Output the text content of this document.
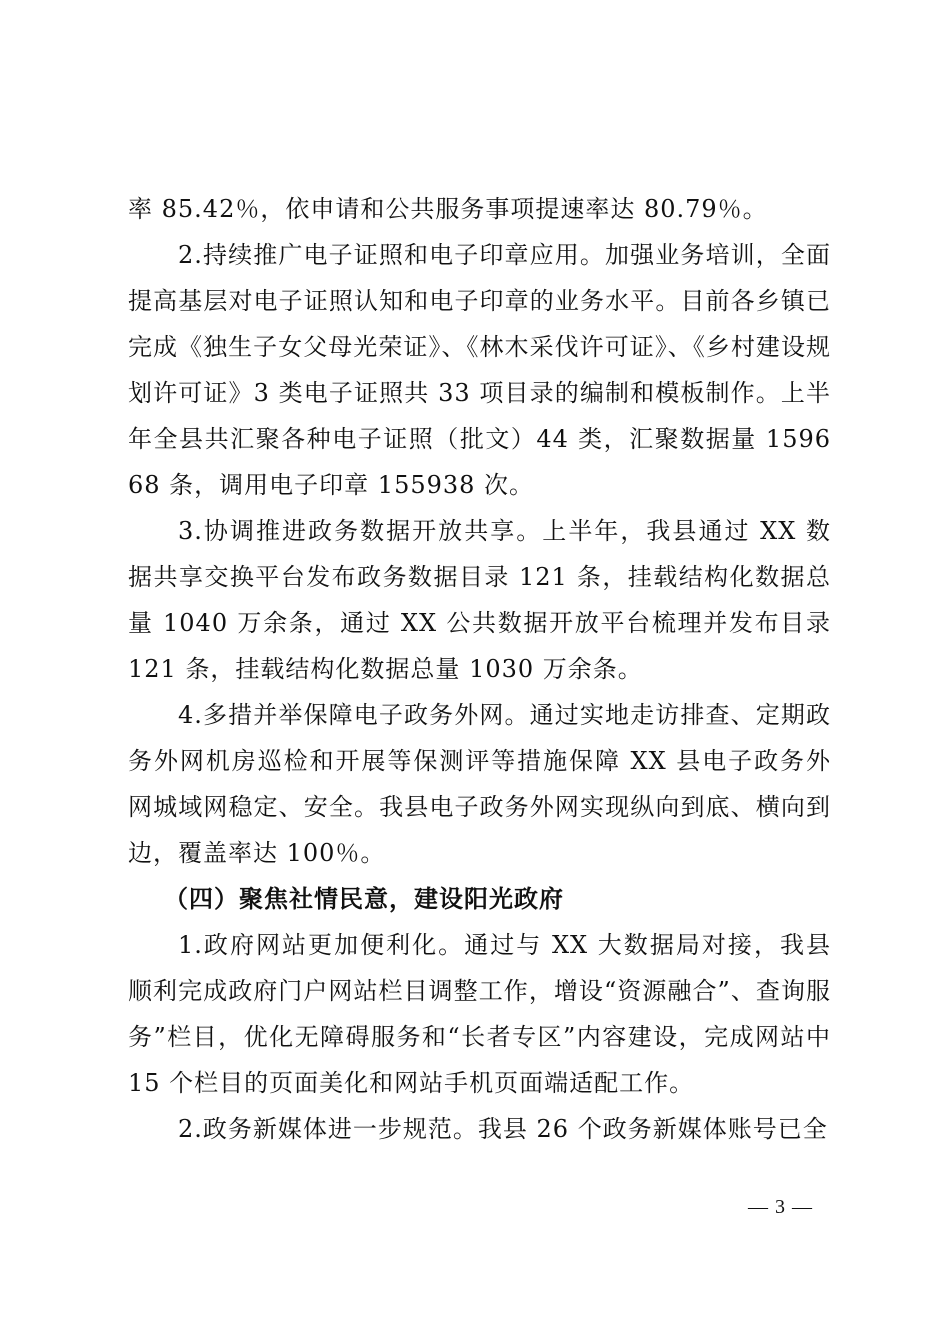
率 85.42％，依申请和公共服务事项提速率达 80.79％。

2.持续推广电子证照和电子印章应用。加强业务培训，全面提高基层对电子证照认知和电子印章的业务水平。目前各乡镇已完成《独生子女父母光荣证》、《林木采伐许可证》、《乡村建设规划许可证》3 类电子证照共 33 项目录的编制和模板制作。上半年全县共汇聚各种电子证照（批文）44 类，汇聚数据量 159668 条，调用电子印章 155938 次。

3.协调推进政务数据开放共享。上半年，我县通过 XX 数据共享交换平台发布政务数据目录 121 条，挂载结构化数据总量 1040 万余条，通过 XX 公共数据开放平台梳理并发布目录 121 条，挂载结构化数据总量 1030 万余条。

4.多措并举保障电子政务外网。通过实地走访排查、定期政务外网机房巡检和开展等保测评等措施保障 XX 县电子政务外网城域网稳定、安全。我县电子政务外网实现纵向到底、横向到边，覆盖率达 100％。

（四）聚焦社情民意，建设阳光政府

1.政府网站更加便利化。通过与 XX 大数据局对接，我县顺利完成政府门户网站栏目调整工作，增设“资源融合”、查询服务”栏目，优化无障碍服务和“长者专区”内容建设，完成网站中 15 个栏目的页面美化和网站手机页面端适配工作。

2.政务新媒体进一步规范。我县 26 个政务新媒体账号已全

— 3 —
